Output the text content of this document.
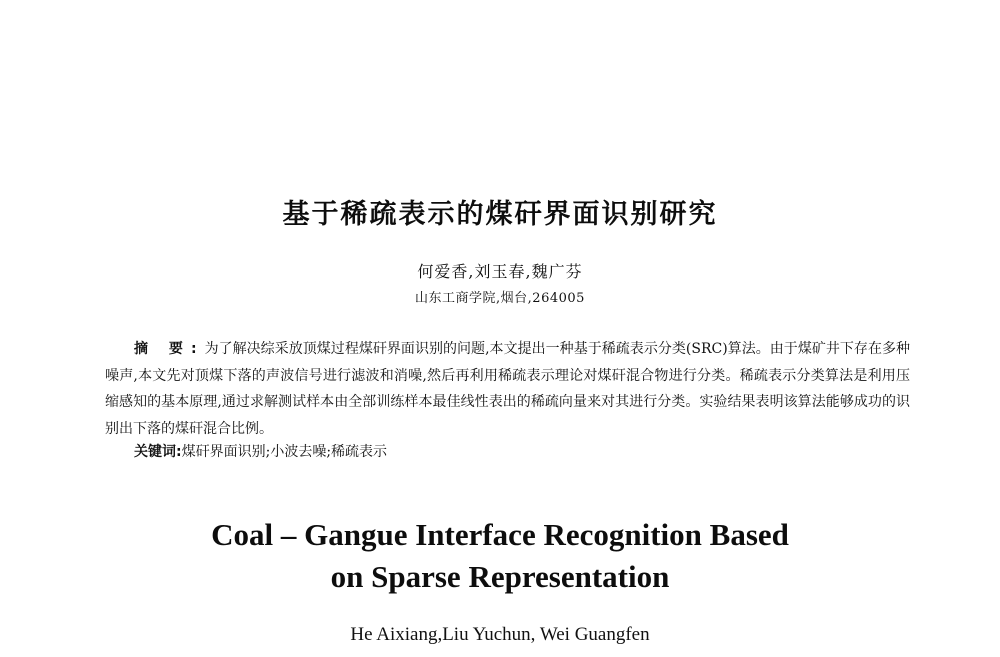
基于稀疏表示的煤矸界面识别研究
何爱香,刘玉春,魏广芬
山东工商学院,烟台,264005
摘 要:为了解决综采放顶煤过程煤矸界面识别的问题,本文提出一种基于稀疏表示分类(SRC)算法。由于煤矿井下存在多种噪声,本文先对顶煤下落的声波信号进行滤波和消噪,然后再利用稀疏表示理论对煤矸混合物进行分类。稀疏表示分类算法是利用压缩感知的基本原理,通过求解测试样本由全部训练样本最佳线性表出的稀疏向量来对其进行分类。实验结果表明该算法能够成功的识别出下落的煤矸混合比例。
关键词:煤矸界面识别;小波去噪;稀疏表示
Coal – Gangue Interface Recognition Based
on Sparse Representation
He Aixiang,Liu Yuchun, Wei Guangfen
